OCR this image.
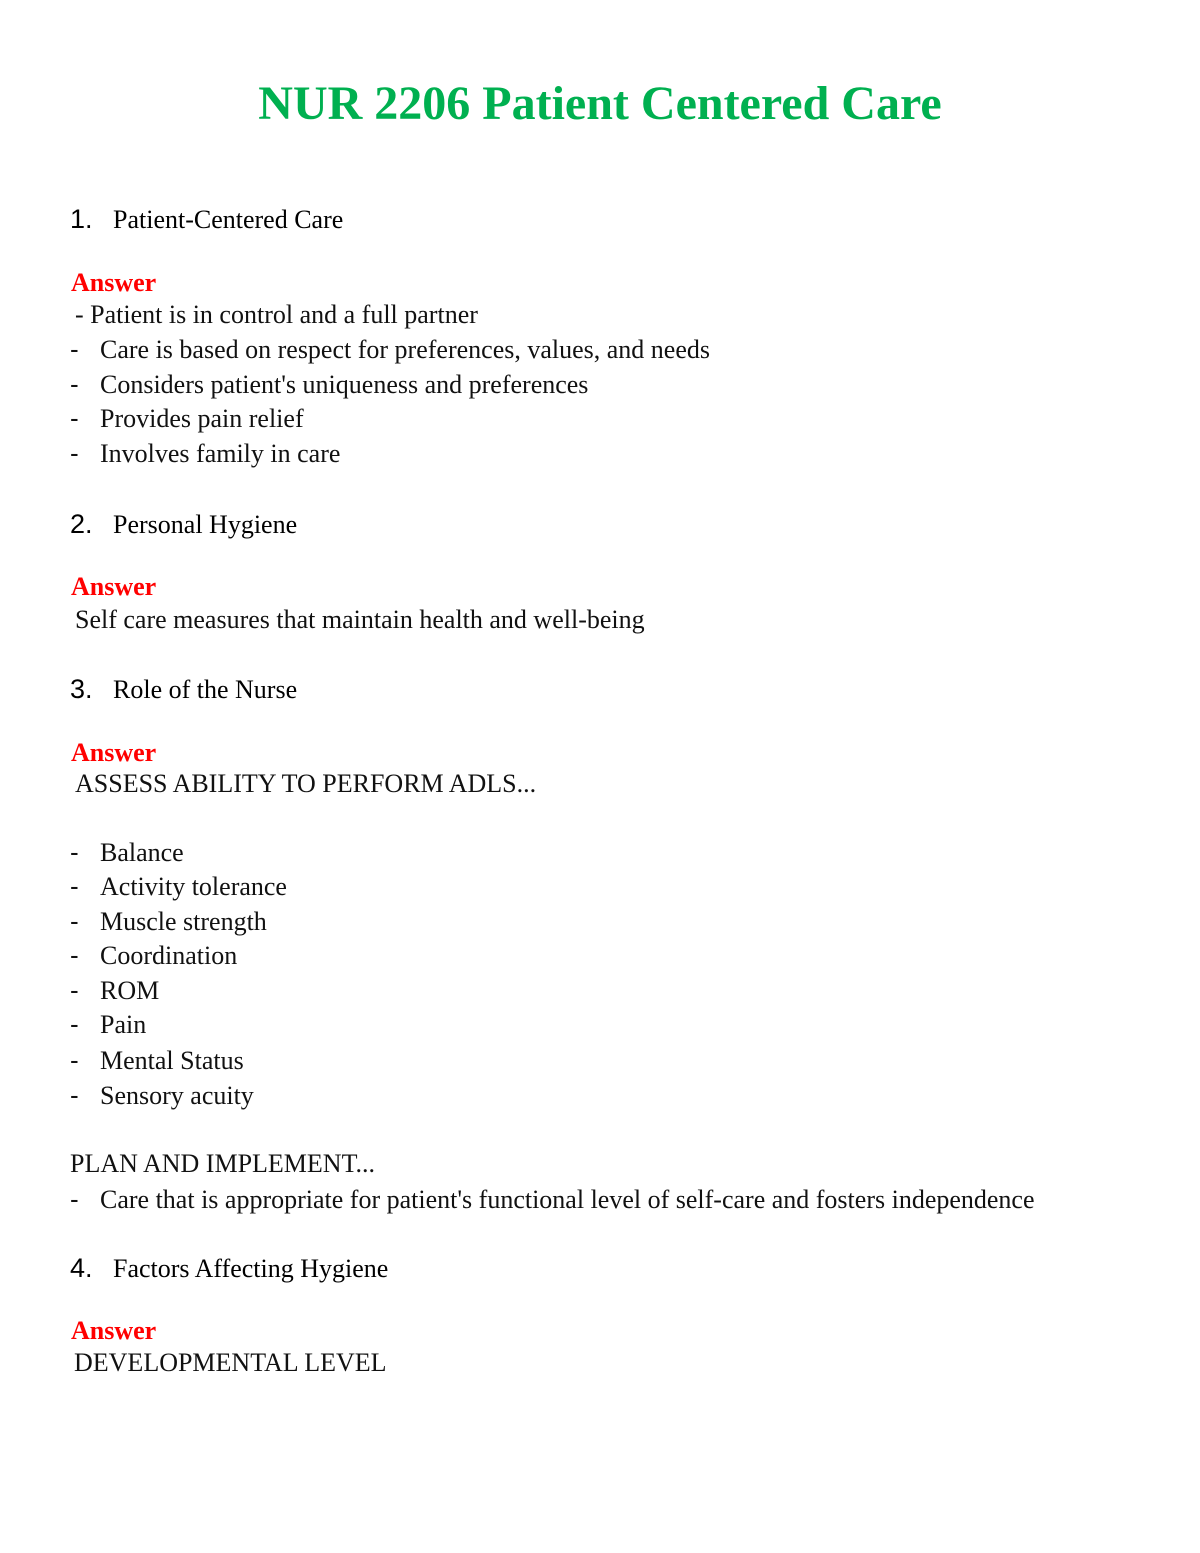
NUR 2206 Patient Centered Care
1. Patient-Centered Care
Answer
- Patient is in control and a full partner
- Care is based on respect for preferences, values, and needs
- Considers patient's uniqueness and preferences
- Provides pain relief
- Involves family in care
2. Personal Hygiene
Answer
Self care measures that maintain health and well-being
3. Role of the Nurse
Answer
ASSESS ABILITY TO PERFORM ADLS...
- Balance
- Activity tolerance
- Muscle strength
- Coordination
- ROM
- Pain
- Mental Status
- Sensory acuity
PLAN AND IMPLEMENT...
- Care that is appropriate for patient's functional level of self-care and fosters independence
4. Factors Affecting Hygiene
Answer
DEVELOPMENTAL LEVEL
